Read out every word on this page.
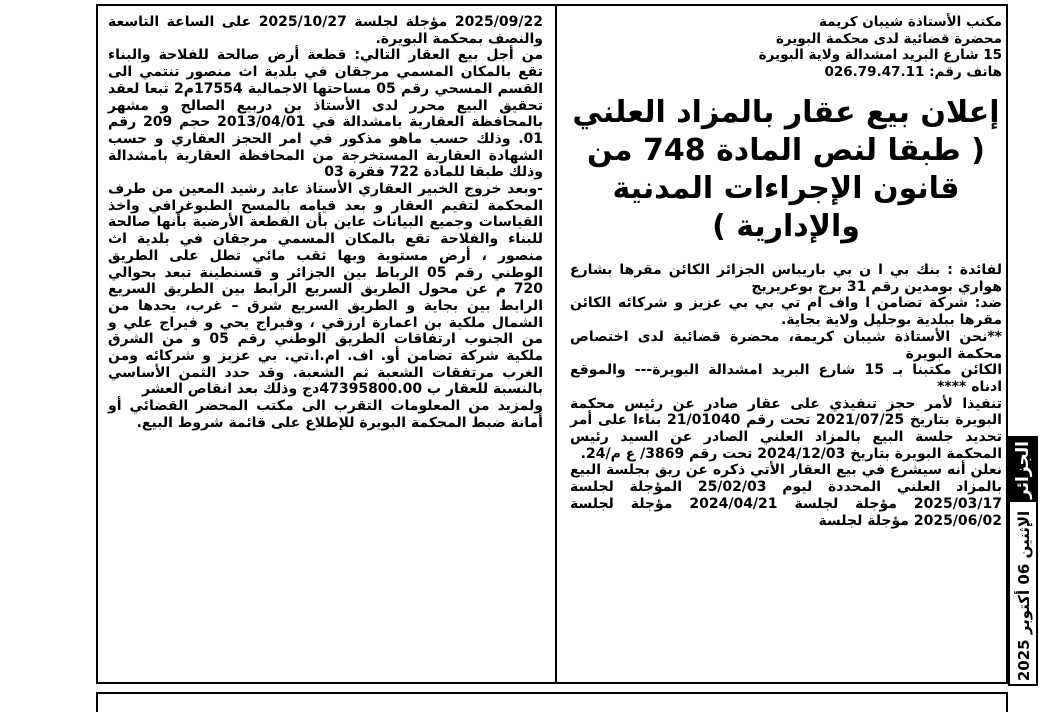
مكتب الأستاذة شيبان كريمة
محضرة قضائية لدى محكمة البويرة
15 شارع البريد امشدالة ولاية البويرة
هاتف رقم: 026.79.47.11
إعلان بيع عقار بالمزاد العلني ( طبقا لنص المادة 748 من قانون الإجراءات المدنية والإدارية )

لفائدة : بنك بي ا ن بي باريباس الجزائر الكائن مقرها بشارع هواري بومدين رقم 31 برج بوعريريج

ضد: شركة تضامن ا واف ام تي بي بي عزيز و شركائه الكائن مقرها ببلدية بوجليل ولاية بجاية.

**نحن الأستاذة شيبان كريمة، محضرة قضائية لدى اختصاص محكمة البويرة

الكائن مكتبنا بـ 15 شارع البريد امشدالة البويرة--- والموقع ادناه ****

تنفيذا لأمر حجز تنفيذي على عقار صادر عن رئيس محكمة البويرة بتاريخ 2021/07/25 تحت رقم 21/01040 بناءا على أمر تحديد جلسة البيع بالمزاد العلني الصادر عن السيد رئيس المحكمة البويرة بتاريخ 2024/12/03 تحت رقم 3869/ ع م/24.

نعلن أنه سيشرع في بيع العقار الأتي ذكره عن ريق بجلسة البيع بالمزاد العلني المحددة ليوم 25/02/03 المؤجلة لجلسة 2025/03/17 مؤجلة لجلسة 2024/04/21 مؤجلة لجلسة 2025/06/02 مؤجلة لجلسة

2025/09/22 مؤجلة لجلسة 2025/10/27 على الساعة التاسعة والنصف بمحكمة البويرة.

من أجل بيع العقار التالي: قطعة أرض صالحة للفلاحة والبناء تقع بالمكان المسمي مرجقان في بلدية اث منصور تنتمي الى القسم المسحي رقم 05 مساحتها الاجمالية 17554م2 تبعا لعقد تحقيق البيع محرر لدى الأستاذ بن دربيع الصالح و مشهر بالمحافظة العقارية بامشدالة في 2013/04/01 حجم 209 رقم 01. وذلك حسب ماهو مذكور في امر الحجز العقاري و حسب الشهادة العقارية المستخرجة من المحافظة العقارية بامشدالة وذلك طبقا للمادة 722 فقرة 03

-وبعد خروج الخبير العقاري الأستاذ عابد رشيد المعين من طرف المحكمة لتقيم العقار و بعد قيامه بالمسح الطبوغرافي واخذ القياسات وجميع البيانات عاين بأن القطعة الأرضية بأنها صالحة للبناء والفلاحة تقع بالمكان المسمي مرجقان في بلدية اث منصور ، أرض مستوية وبها ثقب مائي تطل على الطريق الوطني رقم 05 الرباط بين الجزائر و قسنطينة تبعد بحوالي 720 م عن محول الطريق السريع الرابط بين الطريق السريع الرابط بين بجاية و الطريق السريع شرق – غرب، يحدها من الشمال ملكية بن اعمارة ارزقي ، وفيراج يحي و فيراج علي و من الجنوب ارتفاقات الطريق الوطني رقم 05 و من الشرق ملكية شركة تضامن أو. اف. ام.ا.تي. بي عزيز و شركائه ومن الغرب مرتفقات الشعبة ثم الشعبة. وقد حدد الثمن الأساسي بالنسبة للعقار ب 47395800.00دج وذلك بعد انقاص العشر

ولمزيد من المعلومات التقرب الى مكتب المحضر القضائي أو أمانة ضبط المحكمة البويرة للإطلاع على قائمة شروط البيع.

الجزائر
الإثنين 06 أكتوبر 2025
